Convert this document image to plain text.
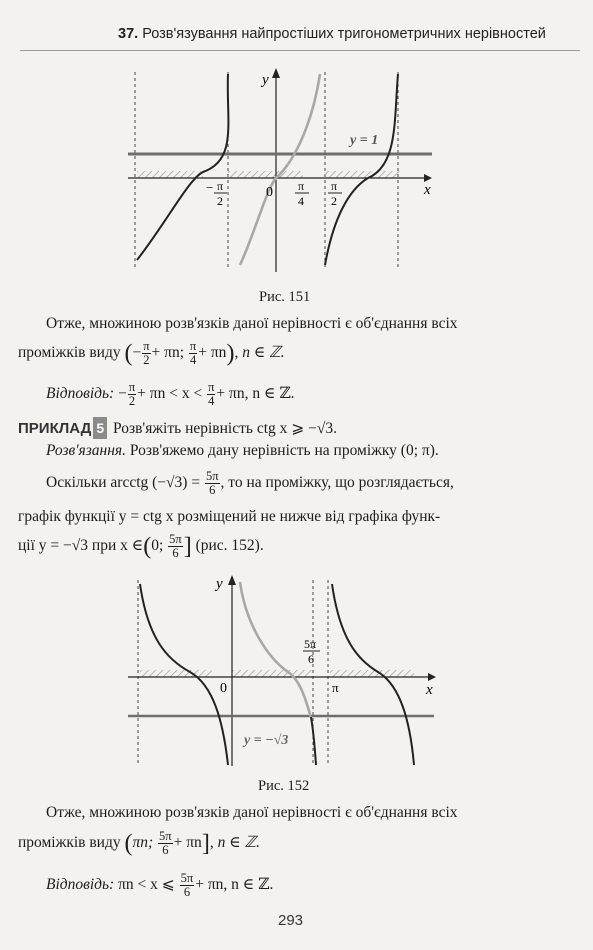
37. Розв'язування найпростіших тригонометричних нерівностей
y
x
0
y = 1
− π
2
π
4
π
2
Рис. 151
Отже, множиною розв'язків даної нерівності є об'єднання всіх
проміжків виду (− $\frac{\pi}{2} + \pi n$; $\frac{\pi}{4} + \pi n$), n ∈ ℤ.
Відповідь: − $\frac{\pi}{2} + \pi n < x < \frac{\pi}{4} + \pi n$, n ∈ ℤ.
ПРИКЛАД 5 Розв'яжіть нерівність ctg x ⩾ −√3.
Розв'язання. Розв'яжемо дану нерівність на проміжку (0; π).
Оскільки arcctg $(-√3) = \frac{5\pi}{6}$ , то на проміжку, що розглядається,
графік функції y = ctg x розміщений не нижче від графіка функ-
ції y = −√3 при x ∈(0; $\frac{5\pi}{6}$ ] (рис. 152).
y
x
0	π
5π
6
y = −√3
Рис. 152
Отже, множиною розв'язків даної нерівності є об'єднання всіх
проміжків виду (πn; $\frac{5\pi}{6} + \pi n$], n ∈ ℤ.
Відповідь: πn < x ⩽ $\frac{5\pi}{6} + \pi n$, n ∈ ℤ.
293
